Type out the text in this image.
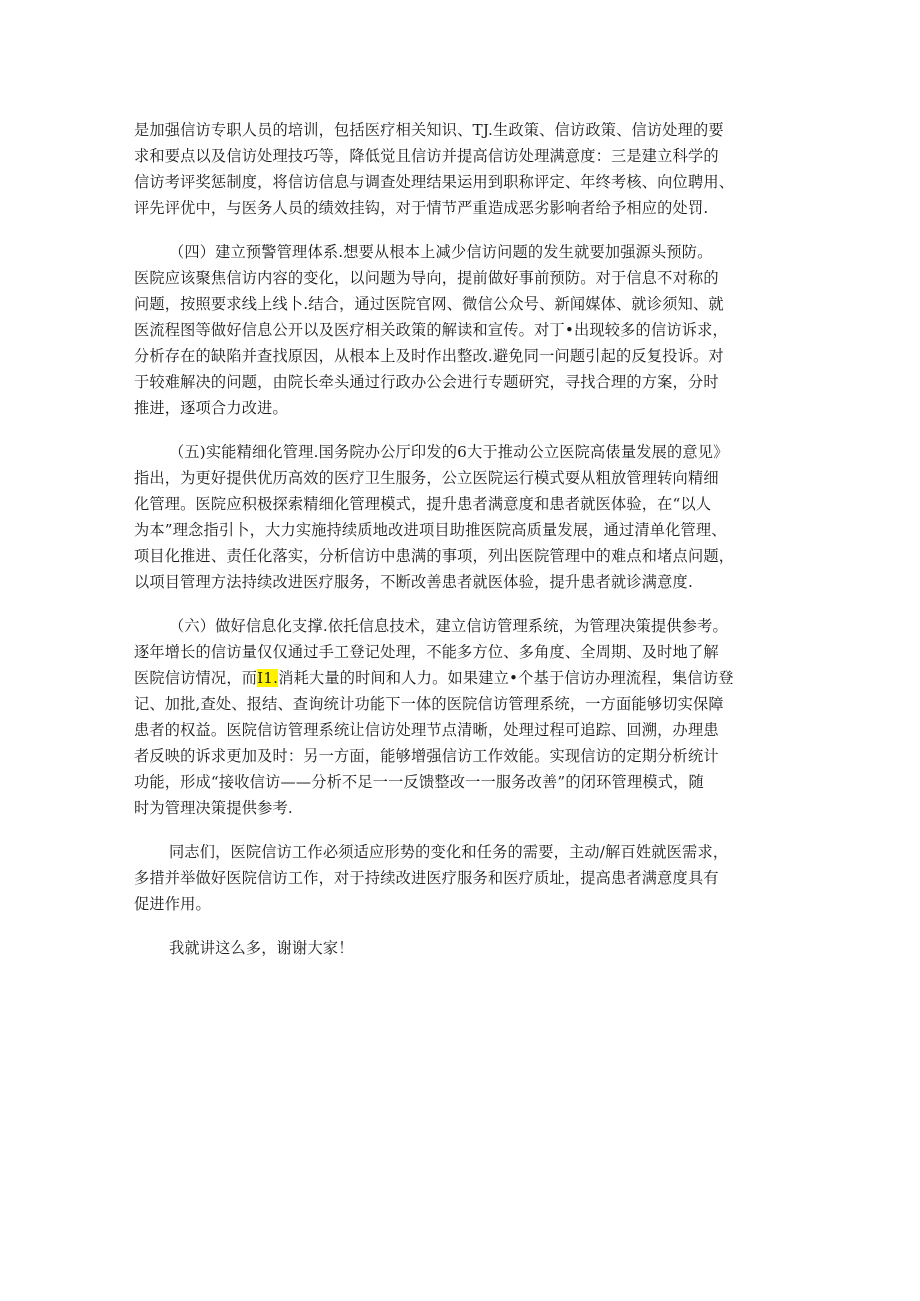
是加强信访专职人员的培训，包括医疗相关知识、TJ.生政策、信访政策、信访处理的要
求和要点以及信访处理技巧等，降低觉且信访并提高信访处理满意度：三是建立科学的
信访考评奖惩制度，将信访信息与调查处理结果运用到职称评定、年终考核、向位聘用、
评先评优中，与医务人员的绩效挂钩，对于情节严重造成恶劣影响者给予相应的处罚.

（四）建立预警管理体系.想要从根本上减少信访问题的发生就要加强源头预防。
医院应该聚焦信访内容的变化，以问题为导向，提前做好事前预防。对于信息不对称的
问题，按照要求线上线卜.结合，通过医院官网、微信公众号、新闻媒体、就诊须知、就
医流程图等做好信息公开以及医疗相关政策的解读和宣传。对丁•出现较多的信访诉求，
分析存在的缺陷并查找原因，从根本上及时作出整改.避免同一问题引起的反复投诉。对
于较难解决的问题，由院长牵头通过行政办公会进行专题研究，寻找合理的方案，分时
推进，逐项合力改进。

（五)实能精细化管理.国务院办公厅印发的6大于推动公立医院高俵量发展的意见》
指出，为更好提供优历高效的医疗卫生服务，公立医院运行模式耍从粗放管理转向精细
化管理。医院应积极探索精细化管理模式，提升患者满意度和患者就医体验，在“以人
为本”理念指引卜，大力实施持续质地改进项目助推医院高质量发展，通过清单化管理、
项目化推进、责任化落实，分析信访中患满的事项，列出医院管理中的难点和堵点问题，
以项目管理方法持续改进医疗服务，不断改善患者就医体验，提升患者就诊满意度.

（六）做好信息化支撑.依托信息技术，建立信访管理系统，为管理决策提供参考。
逐年增长的信访量仅仅通过手工登记处理，不能多方位、多角度、全周期、及时地了解
医院信访情况，而I1.消耗大量的时间和人力。如果建立•个基于信访办理流程，集信访登
记、加批,查处、报结、查询统计功能下一体的医院信访管理系统，一方面能够切实保障
患者的权益。医院信访管理系统让信访处理节点清晰，处理过程可追踪、回溯，办理患
者反映的诉求更加及时：另一方面，能够增强信访工作效能。实现信访的定期分析统计
功能，形成“接收信访——分析不足一一反馈整改一一服务改善”的闭环管理模式，随
时为管理决策提供参考.

同志们，医院信访工作必须适应形势的变化和任务的需要，主动/解百姓就医需求，
多措并举做好医院信访工作，对于持续改进医疗服务和医疗质址，提高患者满意度具有
促进作用。

我就讲这么多，谢谢大家！
